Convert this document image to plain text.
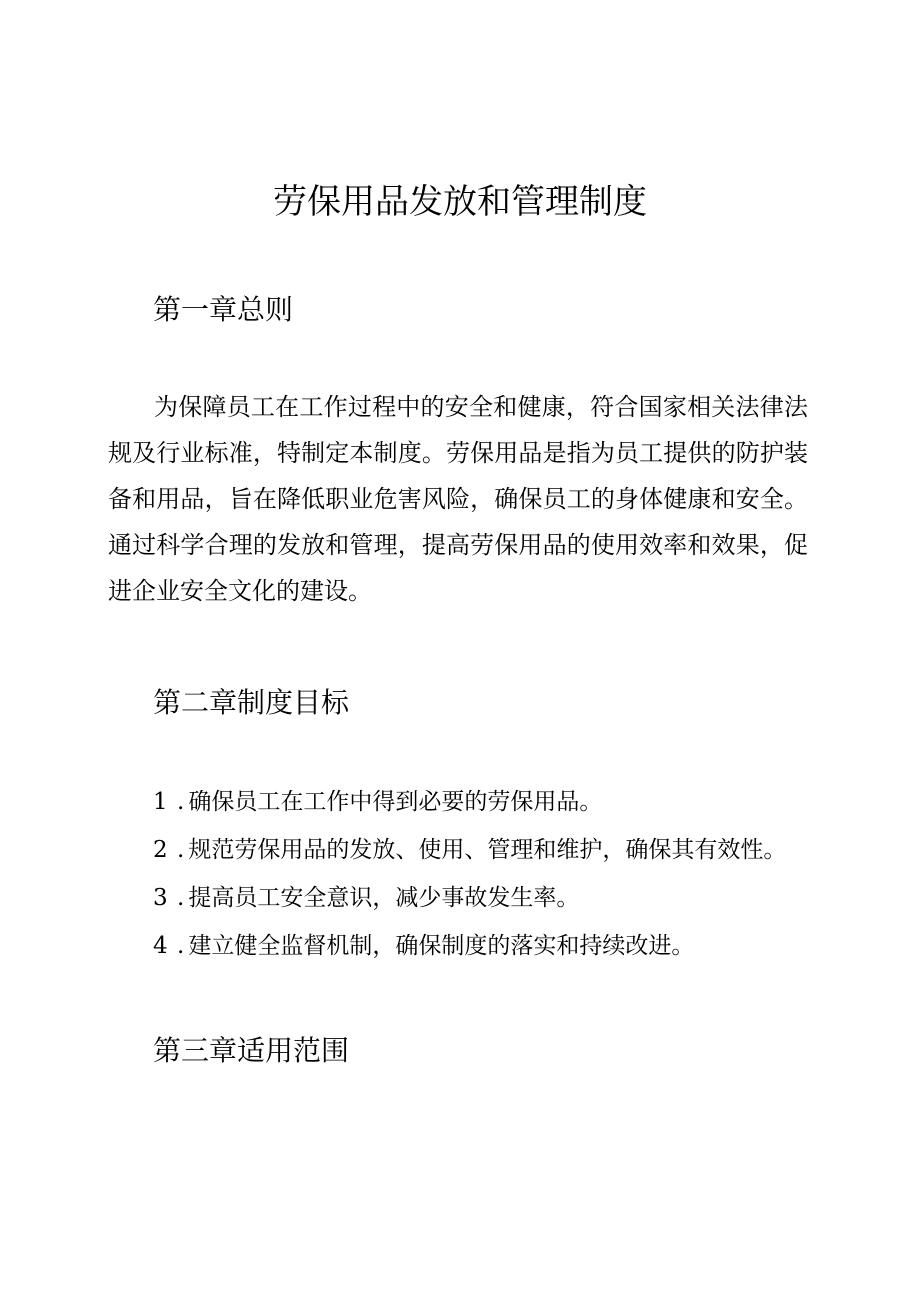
劳保用品发放和管理制度
第一章总则

为保障员工在工作过程中的安全和健康，符合国家相关法律法规及行业标准，特制定本制度。劳保用品是指为员工提供的防护装备和用品，旨在降低职业危害风险，确保员工的身体健康和安全。通过科学合理的发放和管理，提高劳保用品的使用效率和效果，促进企业安全文化的建设。

第二章制度目标
1 . 确保员工在工作中得到必要的劳保用品。
2 . 规范劳保用品的发放、使用、管理和维护，确保其有效性。
3 . 提高员工安全意识，减少事故发生率。
4 . 建立健全监督机制，确保制度的落实和持续改进。
第三章适用范围
